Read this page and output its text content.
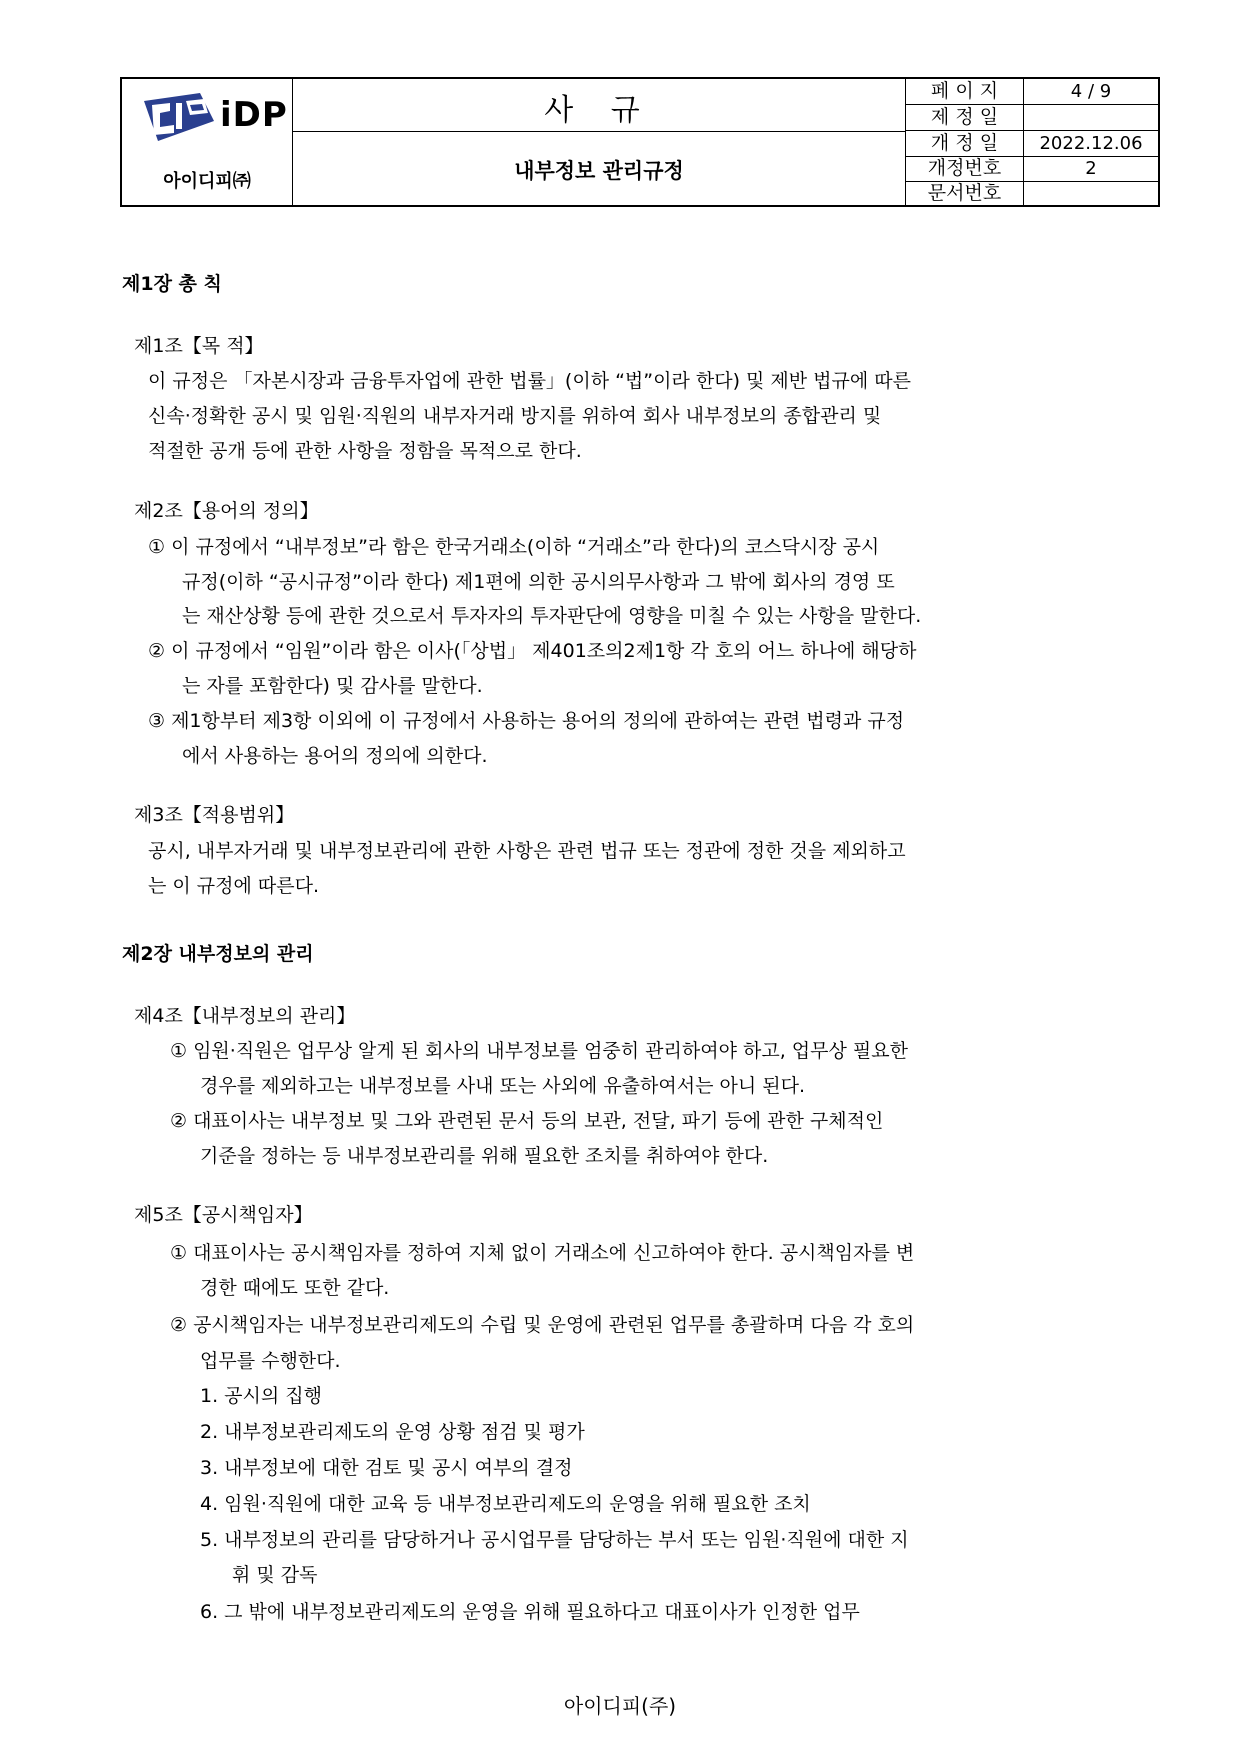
iDP
아이디피㈜
사 규
내부정보 관리규정
페 이 지	4 / 9
제 정 일
개 정 일	2022.12.06
개정번호	2
문서번호
제1장 총 칙
제1조【목 적】
이 규정은 「자본시장과 금융투자업에 관한 법률」(이하 “법”이라 한다) 및 제반 법규에 따른
신속·정확한 공시 및 임원·직원의 내부자거래 방지를 위하여 회사 내부정보의 종합관리 및
적절한 공개 등에 관한 사항을 정함을 목적으로 한다.
제2조【용어의 정의】
① 이 규정에서 “내부정보”라 함은 한국거래소(이하 “거래소”라 한다)의 코스닥시장 공시
규정(이하 “공시규정”이라 한다) 제1편에 의한 공시의무사항과 그 밖에 회사의 경영 또
는 재산상황 등에 관한 것으로서 투자자의 투자판단에 영향을 미칠 수 있는 사항을 말한다.
② 이 규정에서 “임원”이라 함은 이사(「상법」 제401조의2제1항 각 호의 어느 하나에 해당하
는 자를 포함한다) 및 감사를 말한다.
③ 제1항부터 제3항 이외에 이 규정에서 사용하는 용어의 정의에 관하여는 관련 법령과 규정
에서 사용하는 용어의 정의에 의한다.
제3조【적용범위】
공시, 내부자거래 및 내부정보관리에 관한 사항은 관련 법규 또는 정관에 정한 것을 제외하고
는 이 규정에 따른다.
제2장 내부정보의 관리
제4조【내부정보의 관리】
① 임원·직원은 업무상 알게 된 회사의 내부정보를 엄중히 관리하여야 하고, 업무상 필요한
경우를 제외하고는 내부정보를 사내 또는 사외에 유출하여서는 아니 된다.
② 대표이사는 내부정보 및 그와 관련된 문서 등의 보관, 전달, 파기 등에 관한 구체적인
기준을 정하는 등 내부정보관리를 위해 필요한 조치를 취하여야 한다.
제5조【공시책임자】
① 대표이사는 공시책임자를 정하여 지체 없이 거래소에 신고하여야 한다. 공시책임자를 변
경한 때에도 또한 같다.
② 공시책임자는 내부정보관리제도의 수립 및 운영에 관련된 업무를 총괄하며 다음 각 호의
업무를 수행한다.
1. 공시의 집행
2. 내부정보관리제도의 운영 상황 점검 및 평가
3. 내부정보에 대한 검토 및 공시 여부의 결정
4. 임원·직원에 대한 교육 등 내부정보관리제도의 운영을 위해 필요한 조치
5. 내부정보의 관리를 담당하거나 공시업무를 담당하는 부서 또는 임원·직원에 대한 지
휘 및 감독
6. 그 밖에 내부정보관리제도의 운영을 위해 필요하다고 대표이사가 인정한 업무
아이디피(주)
